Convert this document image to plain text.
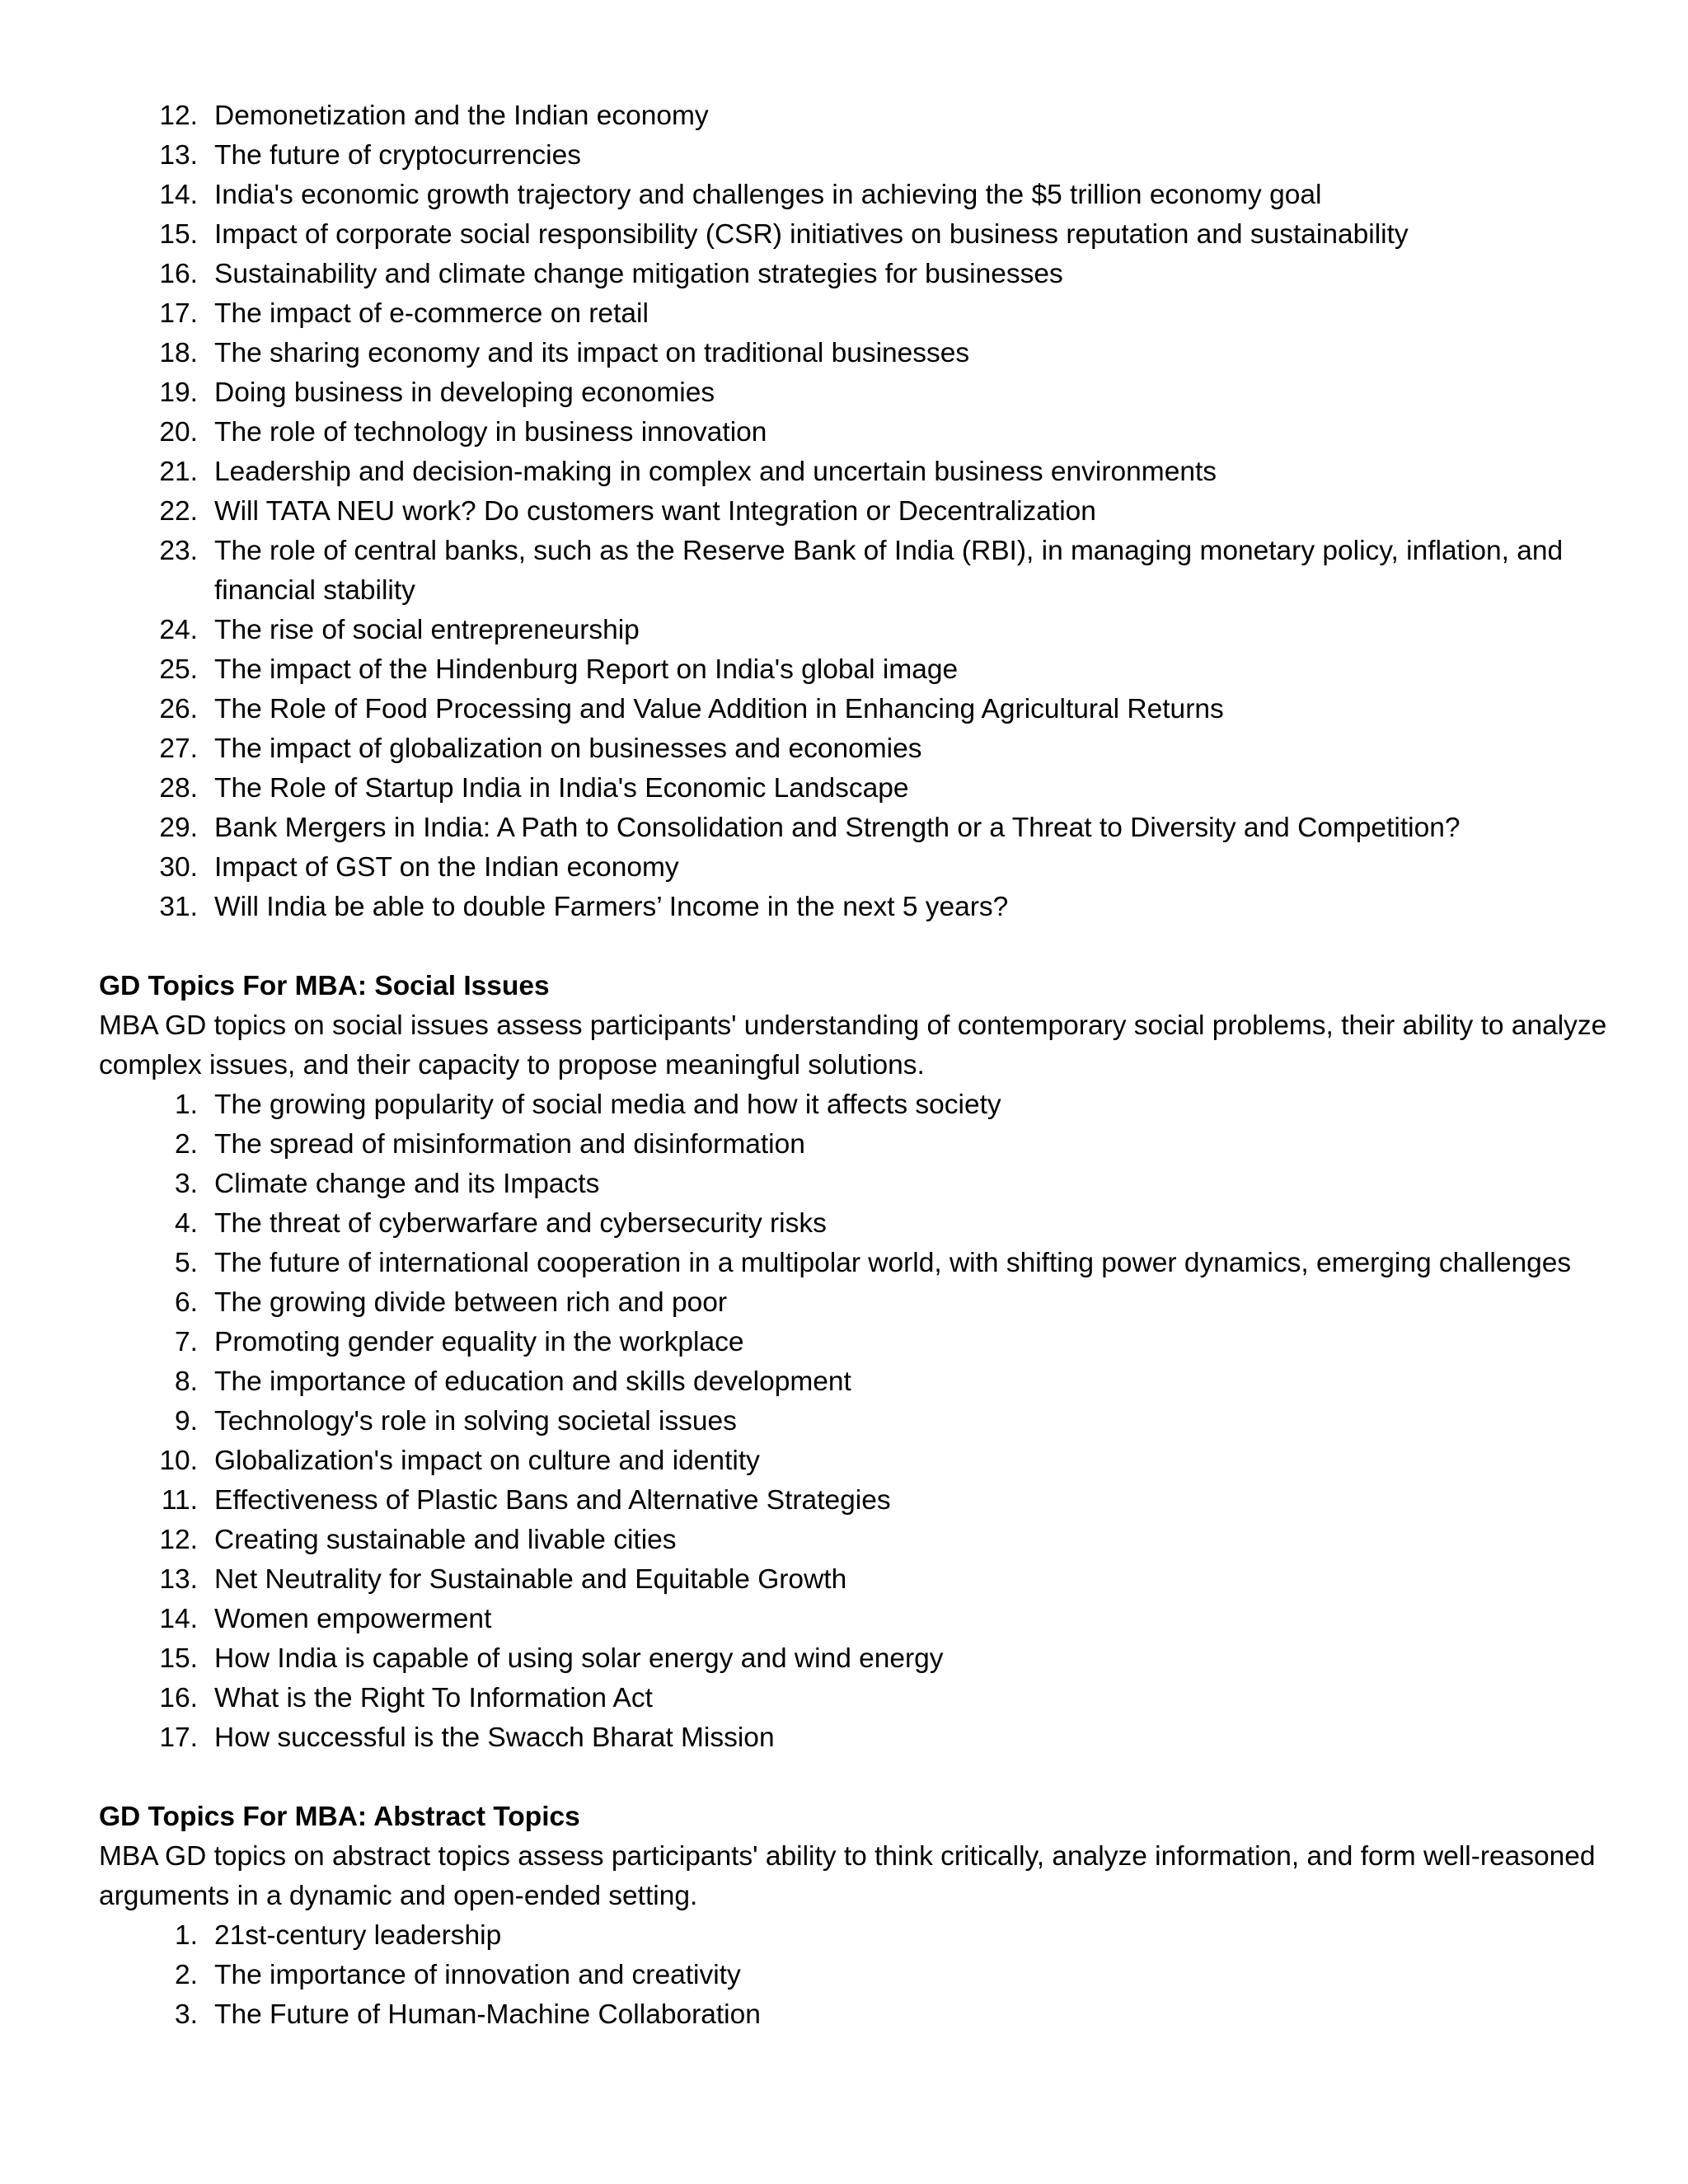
12. Demonetization and the Indian economy
13. The future of cryptocurrencies
14. India's economic growth trajectory and challenges in achieving the $5 trillion economy goal
15. Impact of corporate social responsibility (CSR) initiatives on business reputation and sustainability
16. Sustainability and climate change mitigation strategies for businesses
17. The impact of e-commerce on retail
18. The sharing economy and its impact on traditional businesses
19. Doing business in developing economies
20. The role of technology in business innovation
21. Leadership and decision-making in complex and uncertain business environments
22. Will TATA NEU work? Do customers want Integration or Decentralization
23. The role of central banks, such as the Reserve Bank of India (RBI), in managing monetary policy, inflation, and financial stability
24. The rise of social entrepreneurship
25. The impact of the Hindenburg Report on India's global image
26. The Role of Food Processing and Value Addition in Enhancing Agricultural Returns
27. The impact of globalization on businesses and economies
28. The Role of Startup India in India's Economic Landscape
29. Bank Mergers in India: A Path to Consolidation and Strength or a Threat to Diversity and Competition?
30. Impact of GST on the Indian economy
31. Will India be able to double Farmers’ Income in the next 5 years?
GD Topics For MBA: Social Issues
MBA GD topics on social issues assess participants' understanding of contemporary social problems, their ability to analyze complex issues, and their capacity to propose meaningful solutions.
1. The growing popularity of social media and how it affects society
2. The spread of misinformation and disinformation
3. Climate change and its Impacts
4. The threat of cyberwarfare and cybersecurity risks
5. The future of international cooperation in a multipolar world, with shifting power dynamics, emerging challenges
6. The growing divide between rich and poor
7. Promoting gender equality in the workplace
8. The importance of education and skills development
9. Technology's role in solving societal issues
10. Globalization's impact on culture and identity
11. Effectiveness of Plastic Bans and Alternative Strategies
12. Creating sustainable and livable cities
13. Net Neutrality for Sustainable and Equitable Growth
14. Women empowerment
15. How India is capable of using solar energy and wind energy
16. What is the Right To Information Act
17. How successful is the Swacch Bharat Mission
GD Topics For MBA: Abstract Topics
MBA GD topics on abstract topics assess participants' ability to think critically, analyze information, and form well-reasoned arguments in a dynamic and open-ended setting.
1. 21st-century leadership
2. The importance of innovation and creativity
3. The Future of Human-Machine Collaboration
